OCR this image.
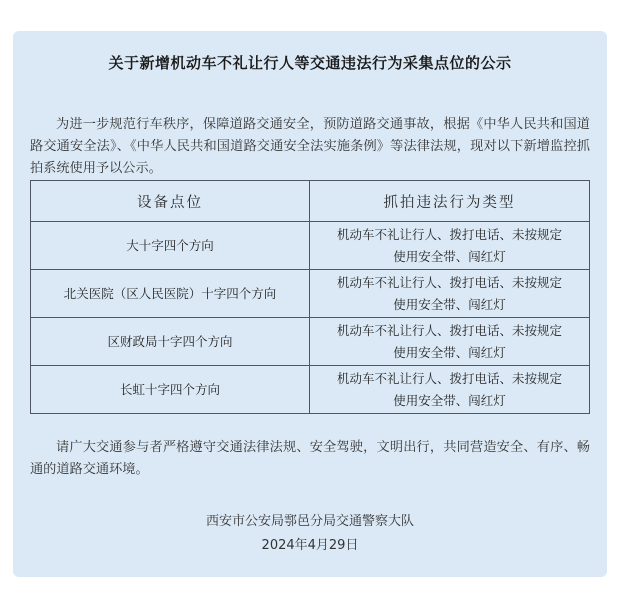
关于新增机动车不礼让行人等交通违法行为采集点位的公示

为进一步规范行车秩序，保障道路交通安全，预防道路交通事故，根据《中华人民共和国道路交通安全法》、《中华人民共和国道路交通安全法实施条例》等法律法规，现对以下新增监控抓拍系统使用予以公示。

设备点位	抓拍违法行为类型
大十字四个方向	机动车不礼让行人、拨打电话、未按规定使用安全带、闯红灯
北关医院（区人民医院）十字四个方向	机动车不礼让行人、拨打电话、未按规定使用安全带、闯红灯
区财政局十字四个方向	机动车不礼让行人、拨打电话、未按规定使用安全带、闯红灯
长虹十字四个方向	机动车不礼让行人、拨打电话、未按规定使用安全带、闯红灯

请广大交通参与者严格遵守交通法律法规、安全驾驶，文明出行，共同营造安全、有序、畅通的道路交通环境。

西安市公安局鄠邑分局交通警察大队
2024年4月29日
